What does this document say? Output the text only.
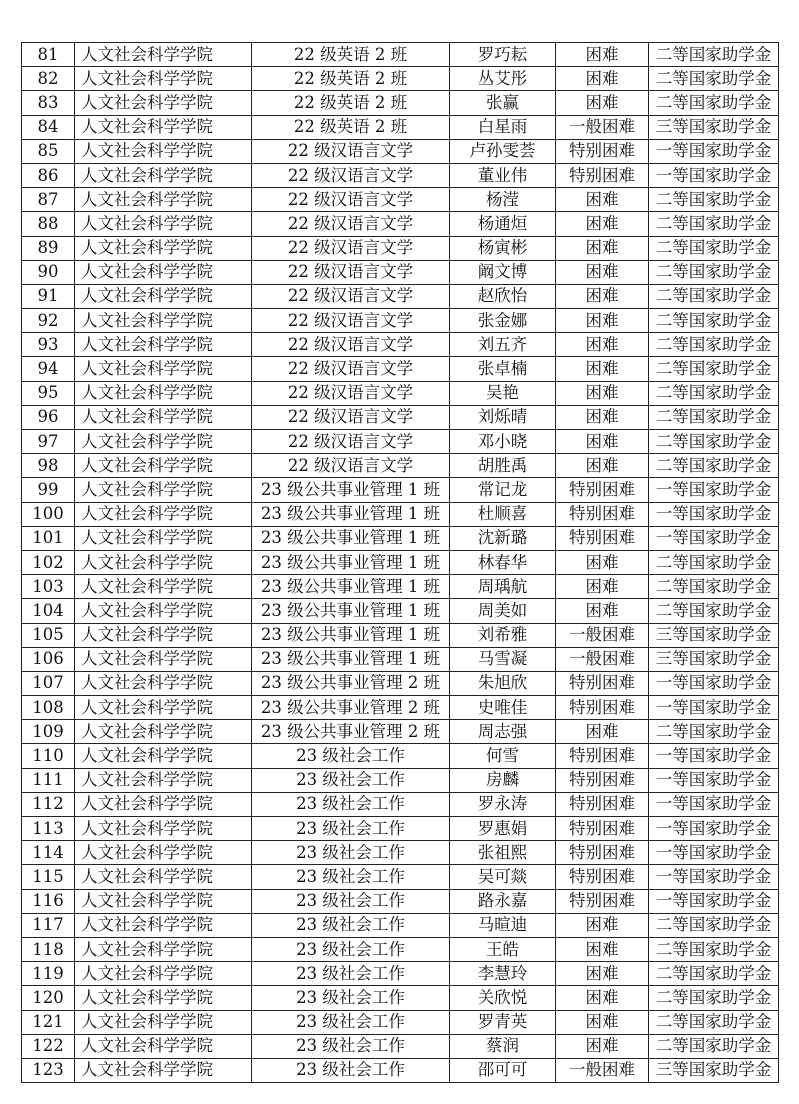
81	人文社会科学学院	22 级英语 2 班	罗巧耘	困难	二等国家助学金
82	人文社会科学学院	22 级英语 2 班	丛艾彤	困难	二等国家助学金
83	人文社会科学学院	22 级英语 2 班	张赢	困难	二等国家助学金
84	人文社会科学学院	22 级英语 2 班	白星雨	一般困难	三等国家助学金
85	人文社会科学学院	22 级汉语言文学	卢孙雯荟	特别困难	一等国家助学金
86	人文社会科学学院	22 级汉语言文学	董业伟	特别困难	一等国家助学金
87	人文社会科学学院	22 级汉语言文学	杨滢	困难	二等国家助学金
88	人文社会科学学院	22 级汉语言文学	杨通烜	困难	二等国家助学金
89	人文社会科学学院	22 级汉语言文学	杨寅彬	困难	二等国家助学金
90	人文社会科学学院	22 级汉语言文学	阚文博	困难	二等国家助学金
91	人文社会科学学院	22 级汉语言文学	赵欣怡	困难	二等国家助学金
92	人文社会科学学院	22 级汉语言文学	张金娜	困难	二等国家助学金
93	人文社会科学学院	22 级汉语言文学	刘五齐	困难	二等国家助学金
94	人文社会科学学院	22 级汉语言文学	张卓楠	困难	二等国家助学金
95	人文社会科学学院	22 级汉语言文学	吴艳	困难	二等国家助学金
96	人文社会科学学院	22 级汉语言文学	刘烁晴	困难	二等国家助学金
97	人文社会科学学院	22 级汉语言文学	邓小晓	困难	二等国家助学金
98	人文社会科学学院	22 级汉语言文学	胡胜禹	困难	二等国家助学金
99	人文社会科学学院	23 级公共事业管理 1 班	常记龙	特别困难	一等国家助学金
100	人文社会科学学院	23 级公共事业管理 1 班	杜顺喜	特别困难	一等国家助学金
101	人文社会科学学院	23 级公共事业管理 1 班	沈新璐	特别困难	一等国家助学金
102	人文社会科学学院	23 级公共事业管理 1 班	林春华	困难	二等国家助学金
103	人文社会科学学院	23 级公共事业管理 1 班	周瑀航	困难	二等国家助学金
104	人文社会科学学院	23 级公共事业管理 1 班	周美如	困难	二等国家助学金
105	人文社会科学学院	23 级公共事业管理 1 班	刘希雅	一般困难	三等国家助学金
106	人文社会科学学院	23 级公共事业管理 1 班	马雪凝	一般困难	三等国家助学金
107	人文社会科学学院	23 级公共事业管理 2 班	朱旭欣	特别困难	一等国家助学金
108	人文社会科学学院	23 级公共事业管理 2 班	史唯佳	特别困难	一等国家助学金
109	人文社会科学学院	23 级公共事业管理 2 班	周志强	困难	二等国家助学金
110	人文社会科学学院	23 级社会工作	何雪	特别困难	一等国家助学金
111	人文社会科学学院	23 级社会工作	房麟	特别困难	一等国家助学金
112	人文社会科学学院	23 级社会工作	罗永涛	特别困难	一等国家助学金
113	人文社会科学学院	23 级社会工作	罗惠娟	特别困难	一等国家助学金
114	人文社会科学学院	23 级社会工作	张祖熙	特别困难	一等国家助学金
115	人文社会科学学院	23 级社会工作	吴可燚	特别困难	一等国家助学金
116	人文社会科学学院	23 级社会工作	路永嘉	特别困难	一等国家助学金
117	人文社会科学学院	23 级社会工作	马暄迪	困难	二等国家助学金
118	人文社会科学学院	23 级社会工作	王皓	困难	二等国家助学金
119	人文社会科学学院	23 级社会工作	李慧玲	困难	二等国家助学金
120	人文社会科学学院	23 级社会工作	关欣悦	困难	二等国家助学金
121	人文社会科学学院	23 级社会工作	罗青英	困难	二等国家助学金
122	人文社会科学学院	23 级社会工作	蔡润	困难	二等国家助学金
123	人文社会科学学院	23 级社会工作	邵可可	一般困难	三等国家助学金
